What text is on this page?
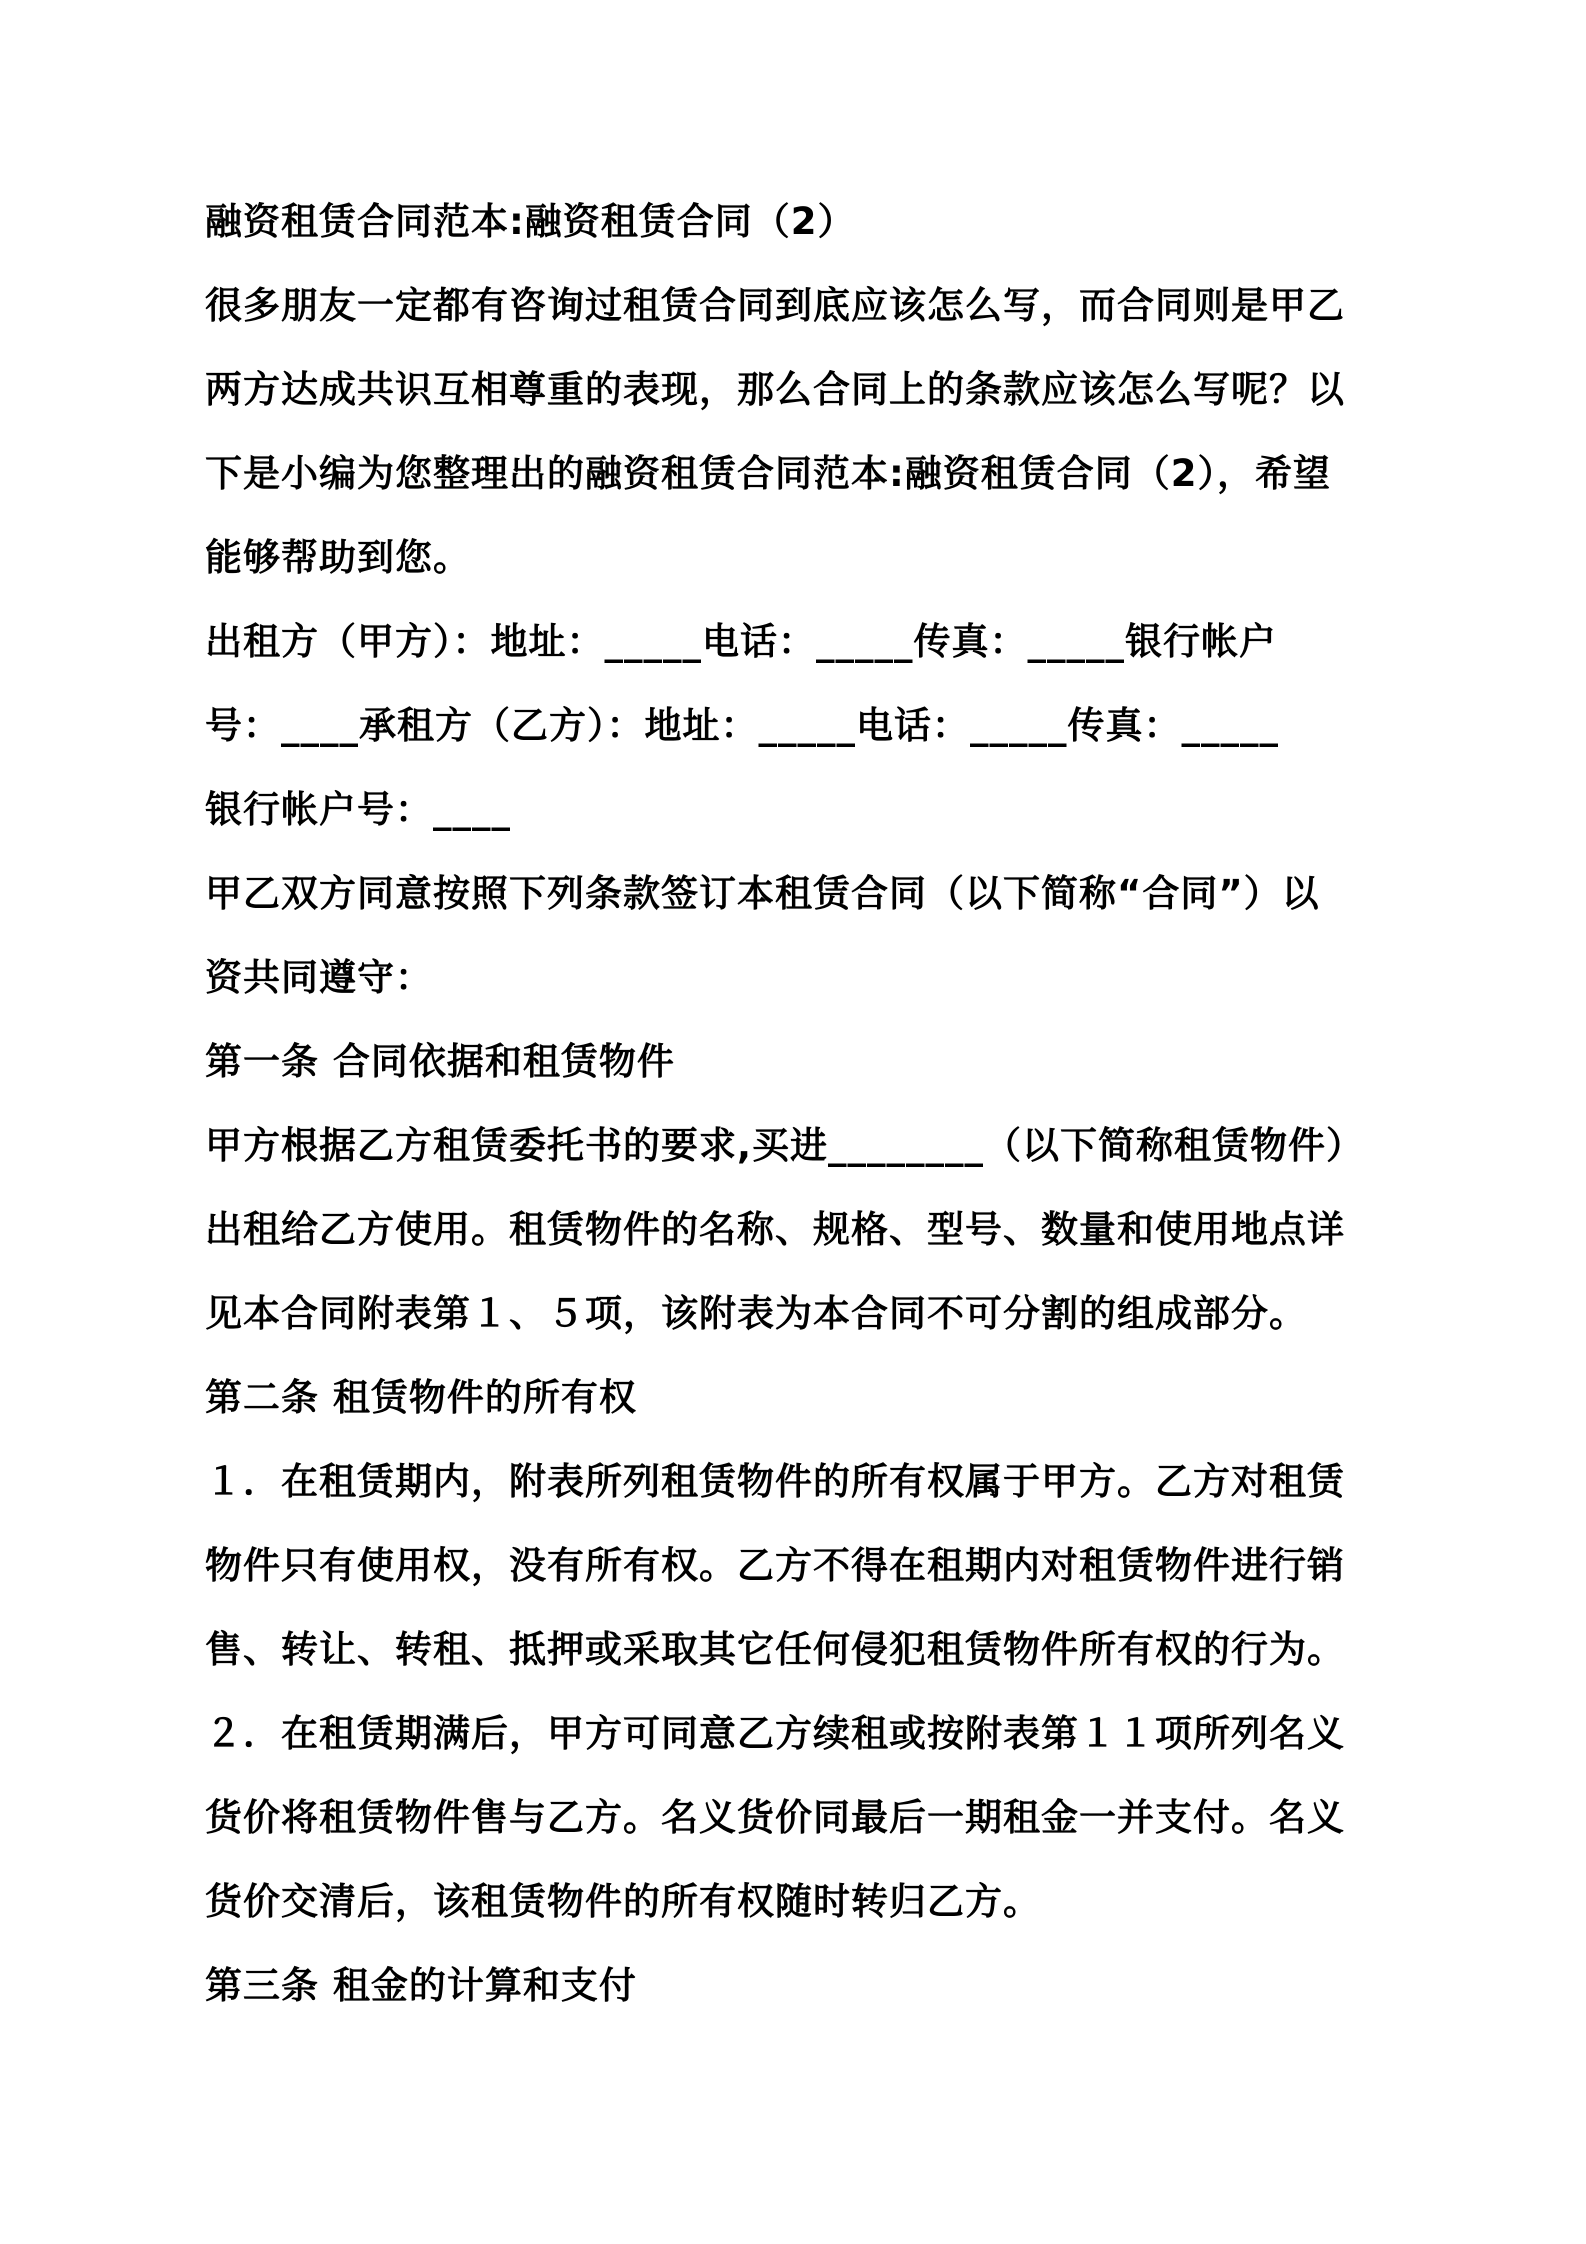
融资租赁合同范本:融资租赁合同（2）
很多朋友一定都有咨询过租赁合同到底应该怎么写，而合同则是甲乙
两方达成共识互相尊重的表现，那么合同上的条款应该怎么写呢？以
下是小编为您整理出的融资租赁合同范本:融资租赁合同（2），希望
能够帮助到您。
出租方（甲方）：地址：_____电话：_____传真：_____银行帐户
号：____承租方（乙方）：地址：_____电话：_____传真：_____
银行帐户号：____
甲乙双方同意按照下列条款签订本租赁合同（以下简称“合同”）以
资共同遵守：
第一条 合同依据和租赁物件
甲方根据乙方租赁委托书的要求,买进________（以下简称租赁物件）
出租给乙方使用。租赁物件的名称、规格、型号、数量和使用地点详
见本合同附表第１、５项，该附表为本合同不可分割的组成部分。
第二条 租赁物件的所有权
１．在租赁期内，附表所列租赁物件的所有权属于甲方。乙方对租赁
物件只有使用权，没有所有权。乙方不得在租期内对租赁物件进行销
售、转让、转租、抵押或采取其它任何侵犯租赁物件所有权的行为。
２．在租赁期满后，甲方可同意乙方续租或按附表第１１项所列名义
货价将租赁物件售与乙方。名义货价同最后一期租金一并支付。名义
货价交清后，该租赁物件的所有权随时转归乙方。
第三条 租金的计算和支付
